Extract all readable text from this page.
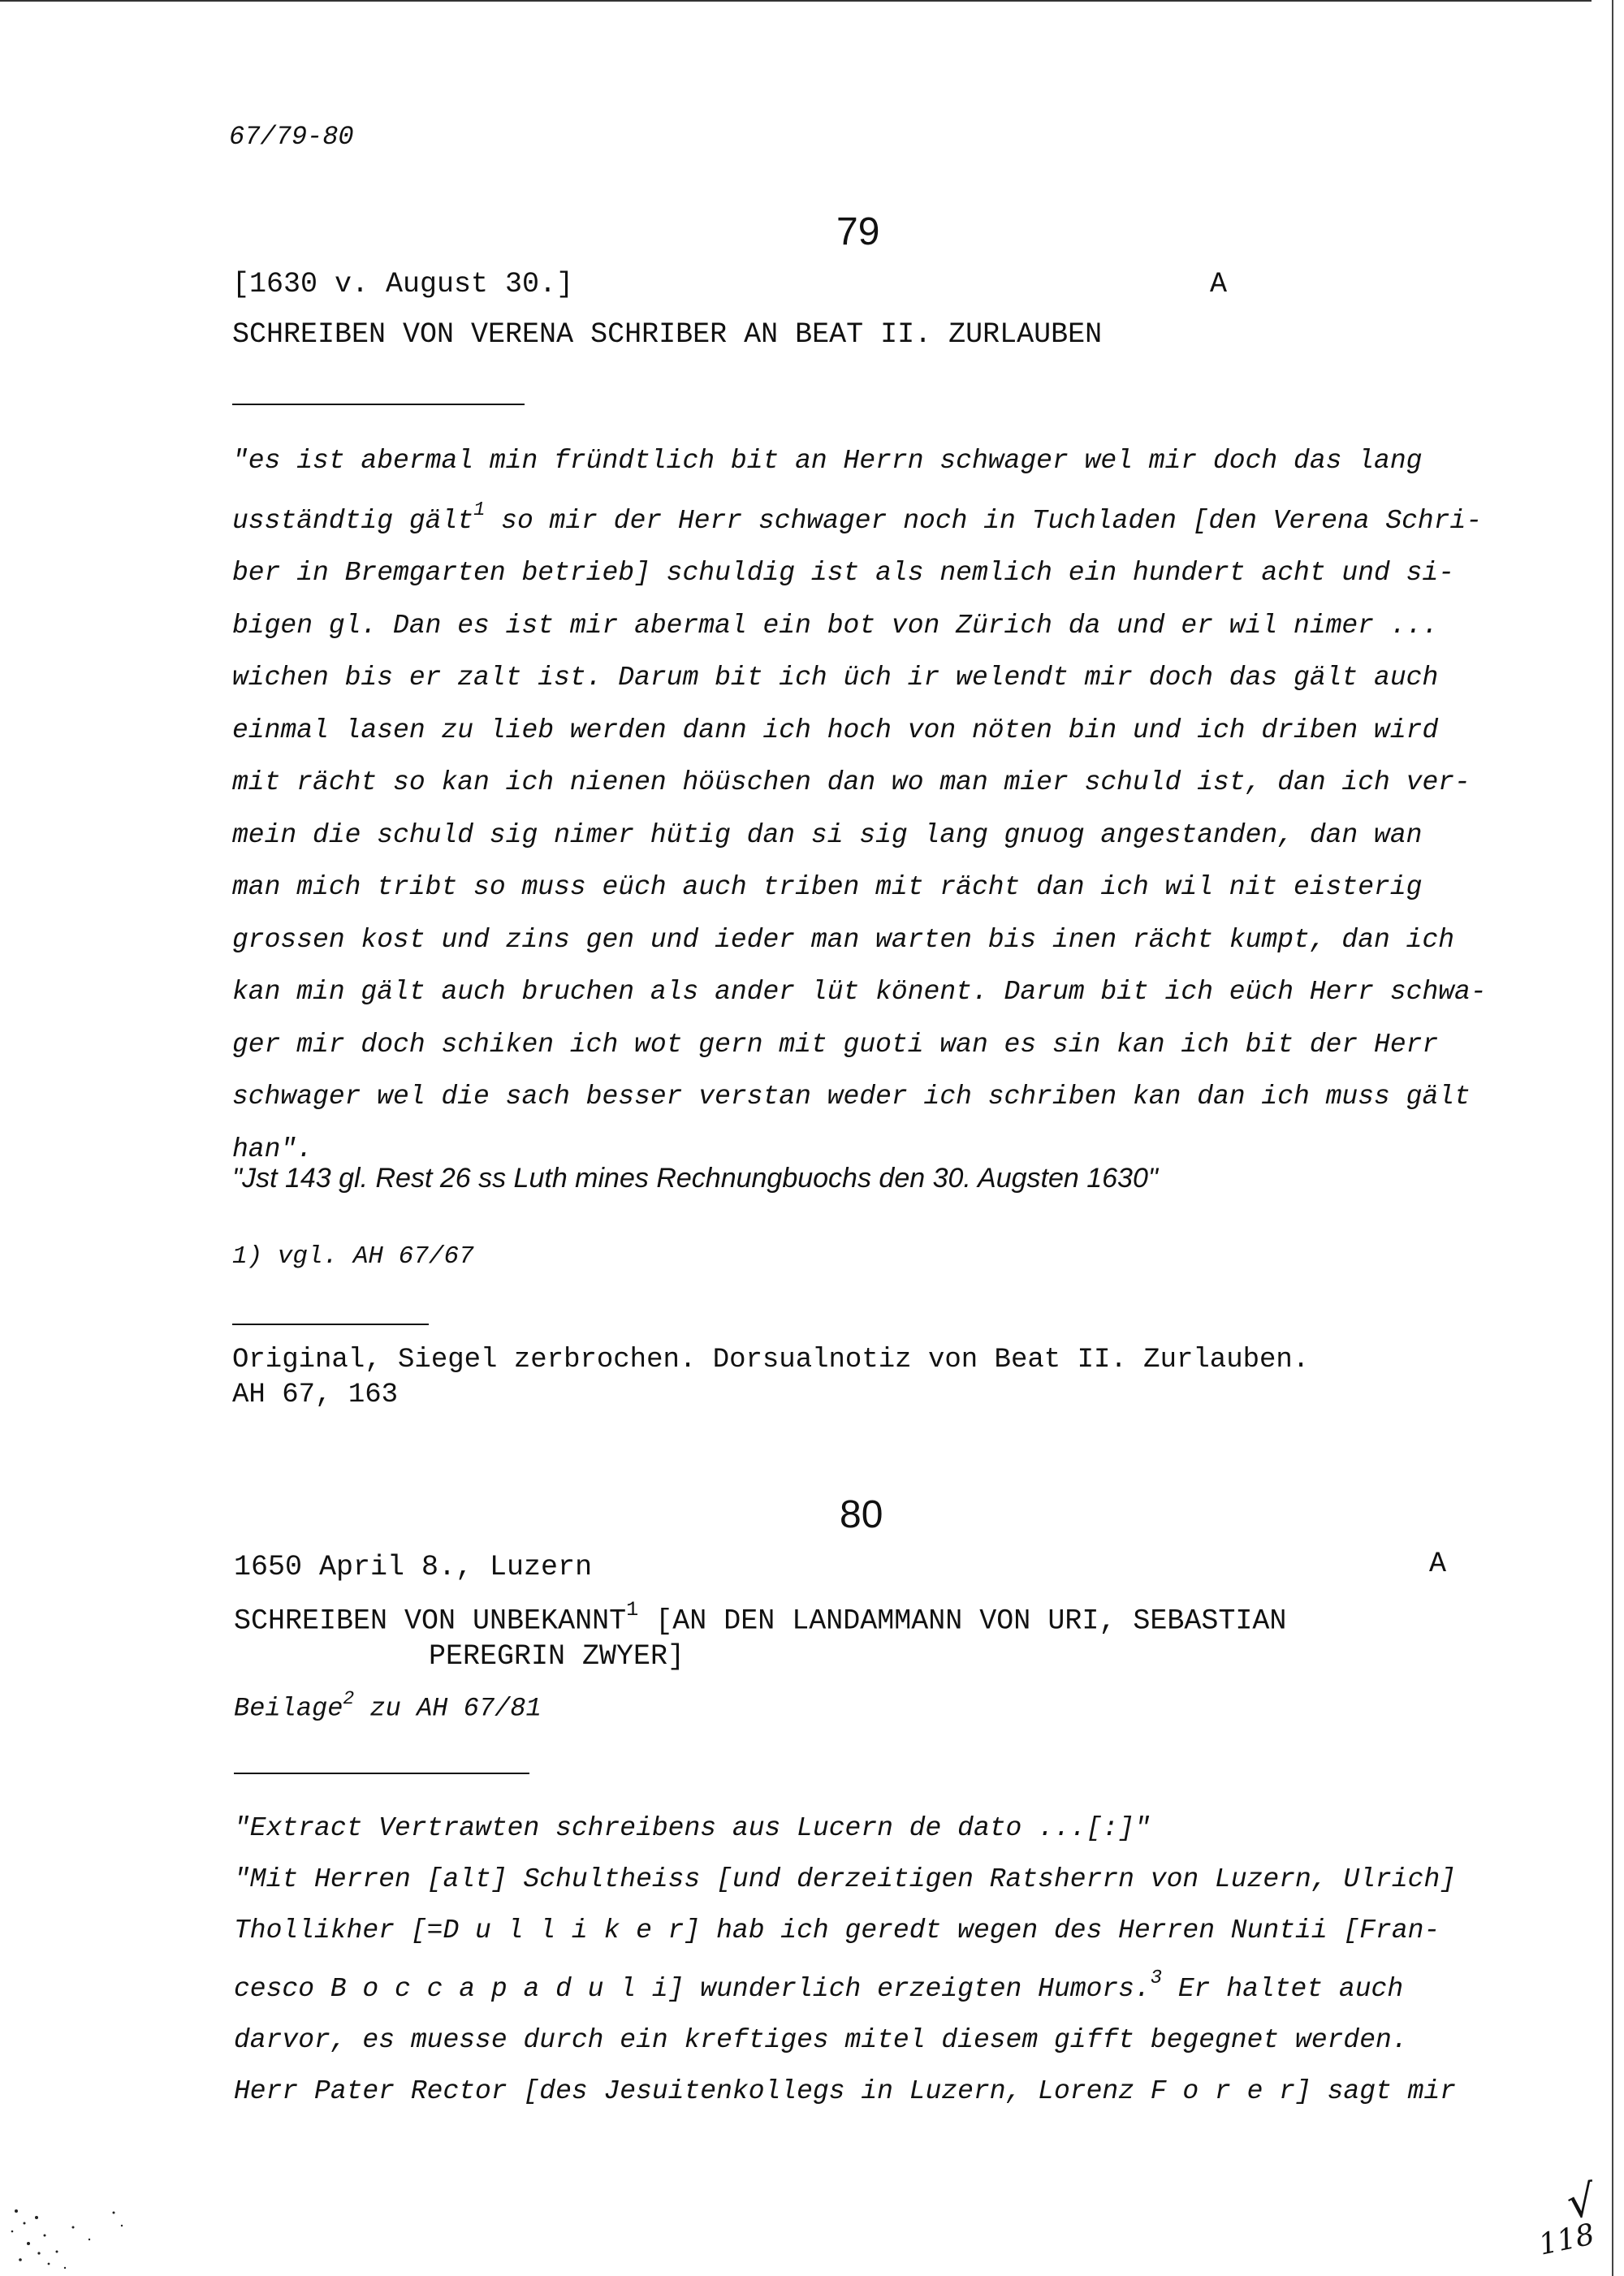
67/79-80
79
[1630 v. August 30.]	A
SCHREIBEN VON VERENA SCHRIBER AN BEAT II. ZURLAUBEN
"es ist abermal min fründtlich bit an Herrn schwager wel mir doch das lang
usständtig gält$^1$ so mir der Herr schwager noch in Tuchladen [den Verena Schri-
ber in Bremgarten betrieb] schuldig ist als nemlich ein hundert acht und si-
bigen gl. Dan es ist mir abermal ein bot von Zürich da und er wil nimer ...
wichen bis er zalt ist. Darum bit ich üch ir welendt mir doch das gält auch
einmal lasen zu lieb werden dann ich hoch von nöten bin und ich driben wird
mit rächt so kan ich nienen höüschen dan wo man mier schuld ist, dan ich ver-
mein die schuld sig nimer hütig dan si sig lang gnuog angestanden, dan wan
man mich tribt so muss eüch auch triben mit rächt dan ich wil nit eisterig
grossen kost und zins gen und ieder man warten bis inen rächt kumpt, dan ich
kan min gält auch bruchen als ander lüt könent. Darum bit ich eüch Herr schwa-
ger mir doch schiken ich wot gern mit guoti wan es sin kan ich bit der Herr
schwager wel die sach besser verstan weder ich schriben kan dan ich muss gält
han".
"Jst 143 gl. Rest 26 ss Luth mines Rechnungbuochs den 30. Augsten 1630"
1) vgl. AH 67/67
Original, Siegel zerbrochen. Dorsualnotiz von Beat II. Zurlauben.
AH 67, 163
80
1650 April 8., Luzern	A
SCHREIBEN VON UNBEKANNT$^1$ [AN DEN LANDAMMANN VON URI, SEBASTIAN
PEREGRIN ZWYER]
Beilage$^2$ zu AH 67/81
"Extract Vertrawten schreibens aus Lucern de dato ...[:]"
"Mit Herren [alt] Schultheiss [und derzeitigen Ratsherrn von Luzern, Ulrich]
Thollikher [=D u l l i k e r] hab ich geredt wegen des Herren Nuntii [Fran-
cesco B o c c a p a d u l i] wunderlich erzeigten Humors.$^3$ Er haltet auch
darvor, es muesse durch ein kreftiges mitel diesem gifft begegnet werden.
Herr Pater Rector [des Jesuitenkollegs in Luzern, Lorenz F o r e r] sagt mir
√
118
